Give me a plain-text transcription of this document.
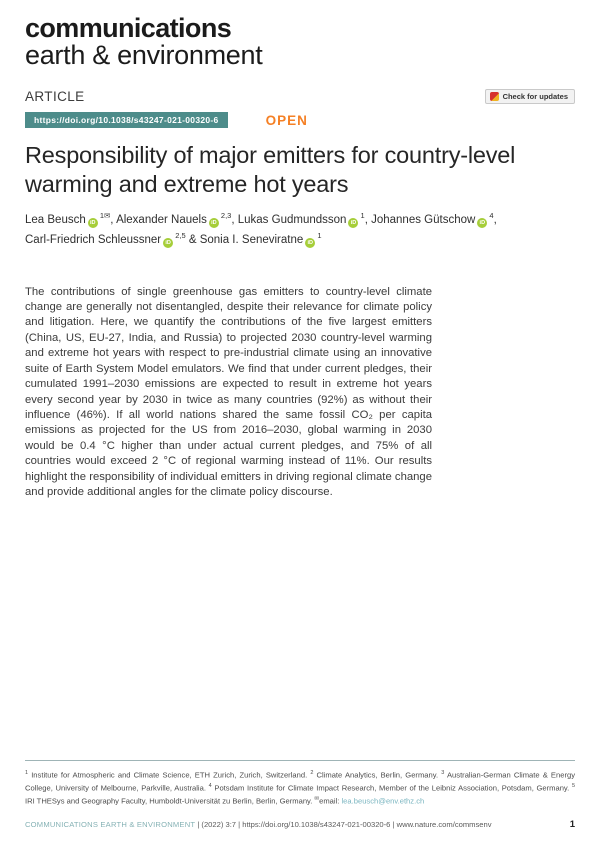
communications
earth & environment
ARTICLE	Check for updates
https://doi.org/10.1038/s43247-021-00320-6	OPEN
Responsibility of major emitters for country-level
warming and extreme hot years
Lea Beusch iD $^{1✉}$, Alexander Nauels iD $^{2,3}$, Lukas Gudmundsson iD $^1$, Johannes Gütschow iD $^4$,
Carl-Friedrich Schleussner iD $^{2,5}$ & Sonia I. Seneviratne iD $^1$

The contributions of single greenhouse gas emitters to country-level climate change are generally not disentangled, despite their relevance for climate policy and litigation. Here, we quantify the contributions of the five largest emitters (China, US, EU-27, India, and Russia) to projected 2030 country-level warming and extreme hot years with respect to pre-industrial climate using an innovative suite of Earth System Model emulators. We find that under current pledges, their cumulated 1991–2030 emissions are expected to result in extreme hot years every second year by 2030 in twice as many countries (92%) as without their influence (46%). If all world nations shared the same fossil CO₂ per capita emissions as projected for the US from 2016–2030, global warming in 2030 would be 0.4 °C higher than under actual current pledges, and 75% of all countries would exceed 2 °C of regional warming instead of 11%. Our results highlight the responsibility of individual emitters in driving regional climate change and provide additional angles for the climate policy discourse.

$^1$ Institute for Atmospheric and Climate Science, ETH Zurich, Zurich, Switzerland. $^2$ Climate Analytics, Berlin, Germany. $^3$ Australian-German Climate & Energy College, University of Melbourne, Parkville, Australia. $^4$ Potsdam Institute for Climate Impact Research, Member of the Leibniz Association, Potsdam, Germany. $^5$ IRI THESys and Geography Faculty, Humboldt-Universität zu Berlin, Berlin, Germany. ✉email: lea.beusch@env.ethz.ch
COMMUNICATIONS EARTH & ENVIRONMENT | (2022) 3:7 | https://doi.org/10.1038/s43247-021-00320-6 | www.nature.com/commsenv	1
